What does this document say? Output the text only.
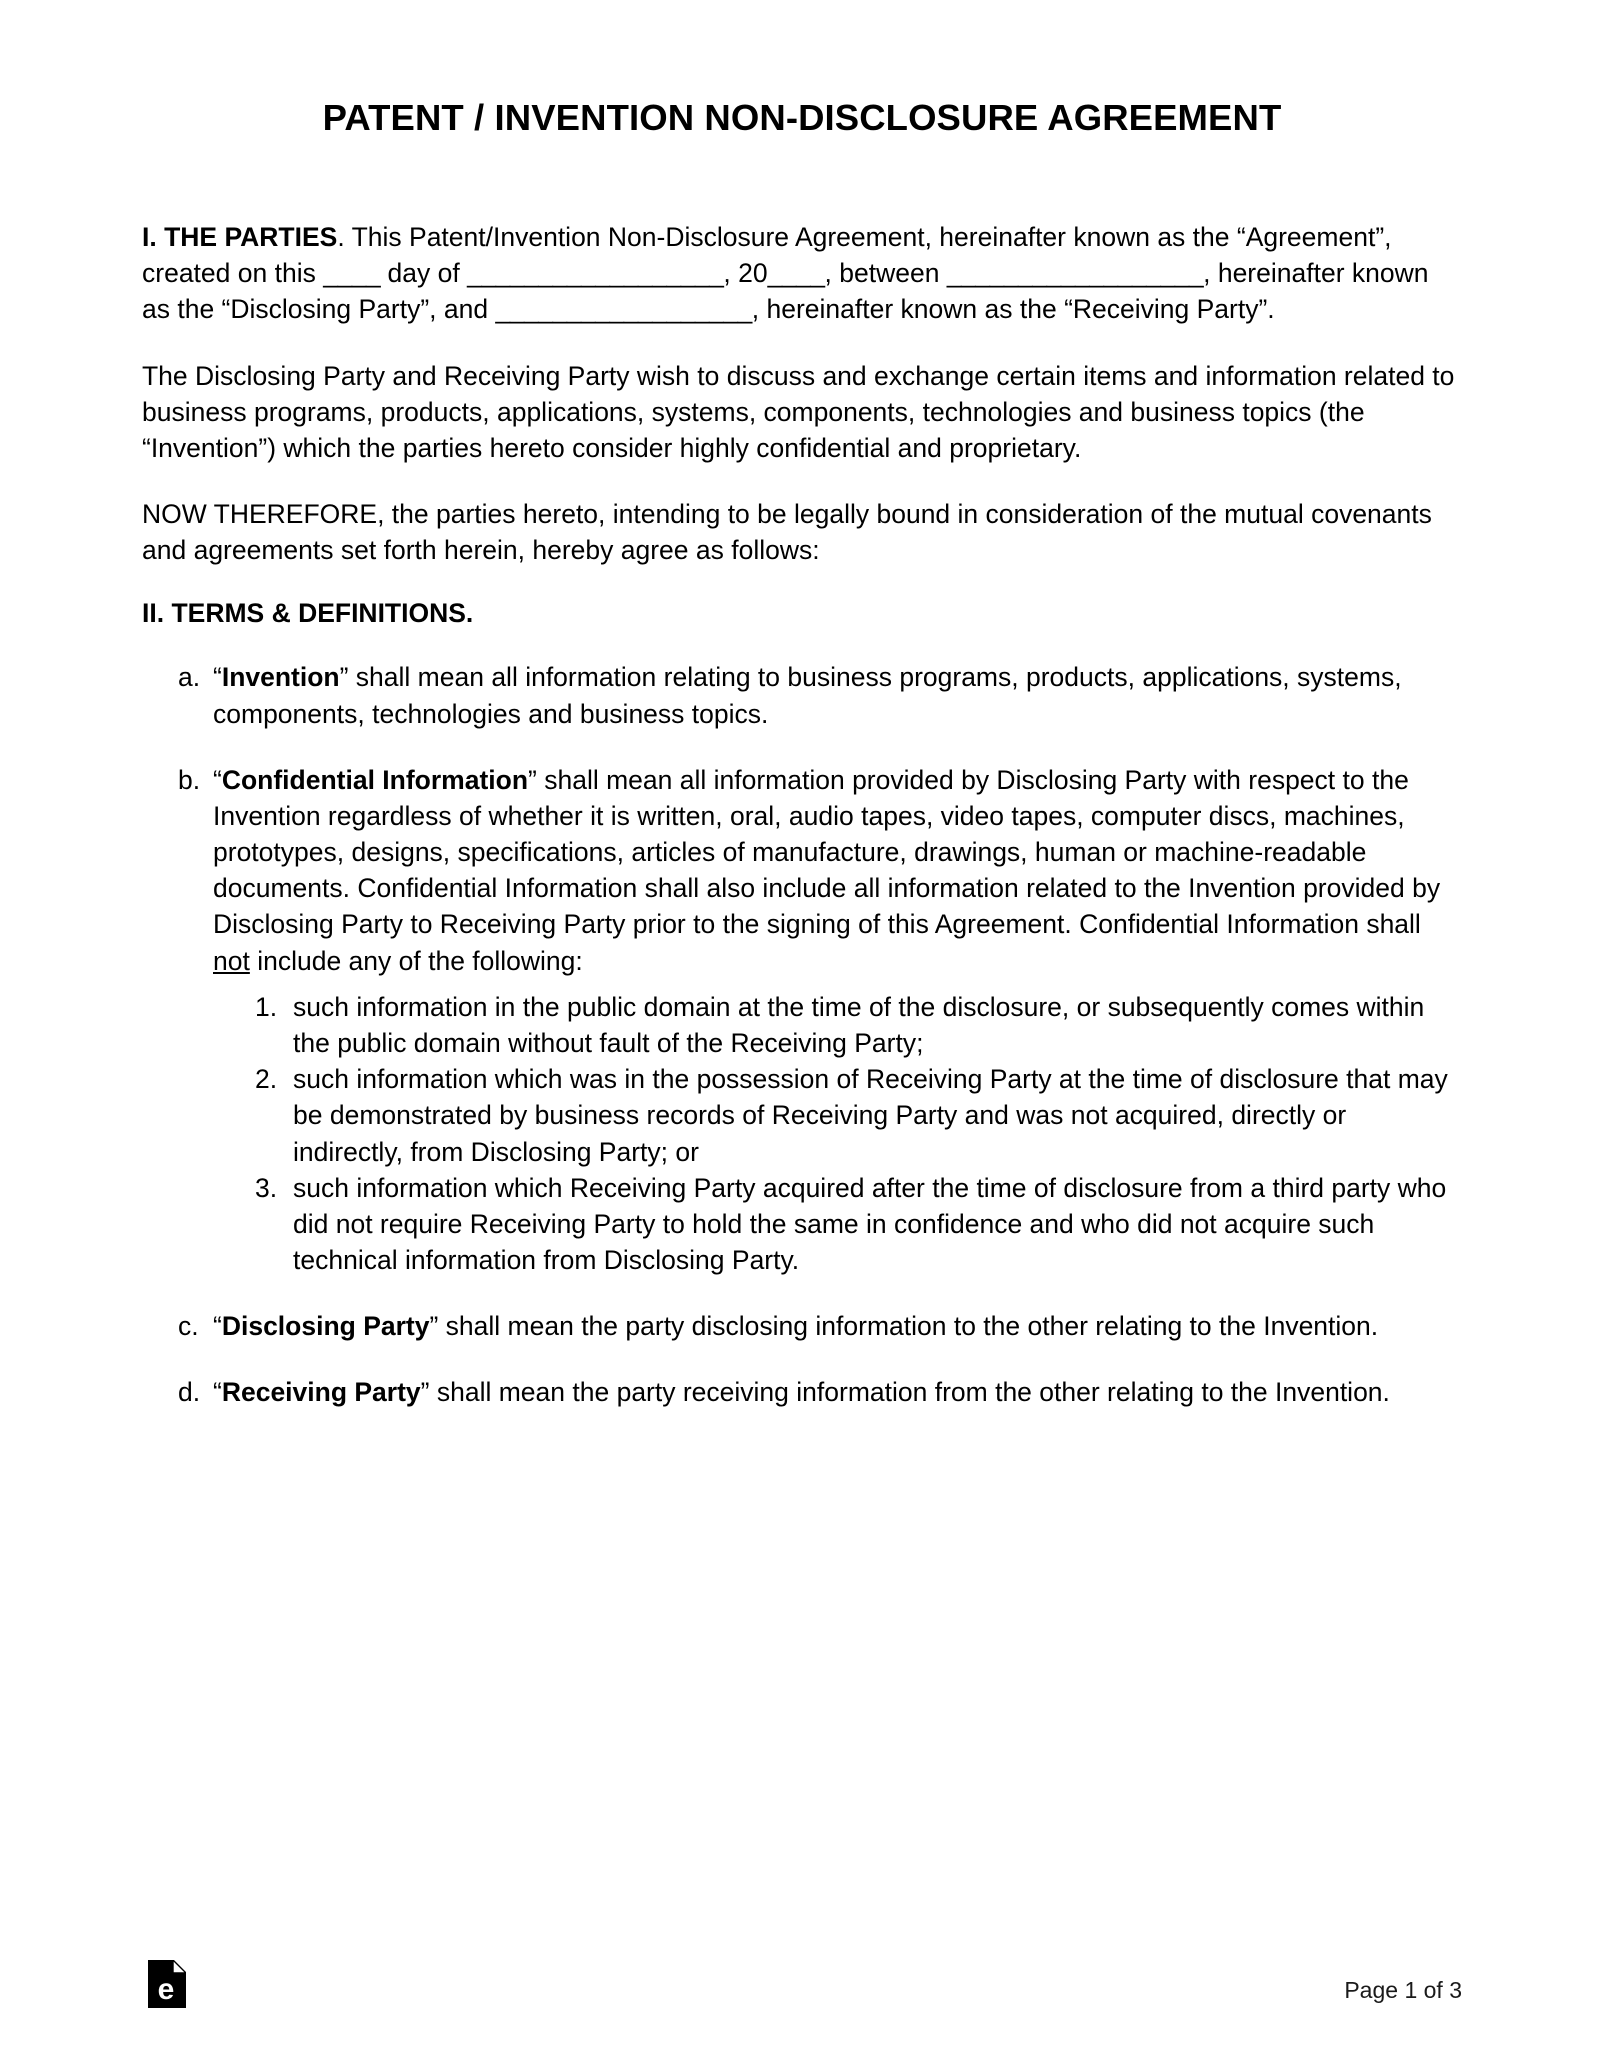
PATENT / INVENTION NON-DISCLOSURE AGREEMENT

I. THE PARTIES. This Patent/Invention Non-Disclosure Agreement, hereinafter known as the “Agreement”, created on this ____ day of __________________, 20____, between __________________, hereinafter known as the “Disclosing Party”, and __________________, hereinafter known as the “Receiving Party”.

The Disclosing Party and Receiving Party wish to discuss and exchange certain items and information related to business programs, products, applications, systems, components, technologies and business topics (the “Invention”) which the parties hereto consider highly confidential and proprietary.

NOW THEREFORE, the parties hereto, intending to be legally bound in consideration of the mutual covenants and agreements set forth herein, hereby agree as follows:

II. TERMS & DEFINITIONS.

a. “Invention” shall mean all information relating to business programs, products, applications, systems, components, technologies and business topics.
b. “Confidential Information” shall mean all information provided by Disclosing Party with respect to the Invention regardless of whether it is written, oral, audio tapes, video tapes, computer discs, machines, prototypes, designs, specifications, articles of manufacture, drawings, human or machine-readable documents. Confidential Information shall also include all information related to the Invention provided by Disclosing Party to Receiving Party prior to the signing of this Agreement. Confidential Information shall not include any of the following:
1. such information in the public domain at the time of the disclosure, or subsequently comes within the public domain without fault of the Receiving Party;
2. such information which was in the possession of Receiving Party at the time of disclosure that may be demonstrated by business records of Receiving Party and was not acquired, directly or indirectly, from Disclosing Party; or
3. such information which Receiving Party acquired after the time of disclosure from a third party who did not require Receiving Party to hold the same in confidence and who did not acquire such technical information from Disclosing Party.
c. “Disclosing Party” shall mean the party disclosing information to the other relating to the Invention.
d. “Receiving Party” shall mean the party receiving information from the other relating to the Invention.
e	Page 1 of 3
